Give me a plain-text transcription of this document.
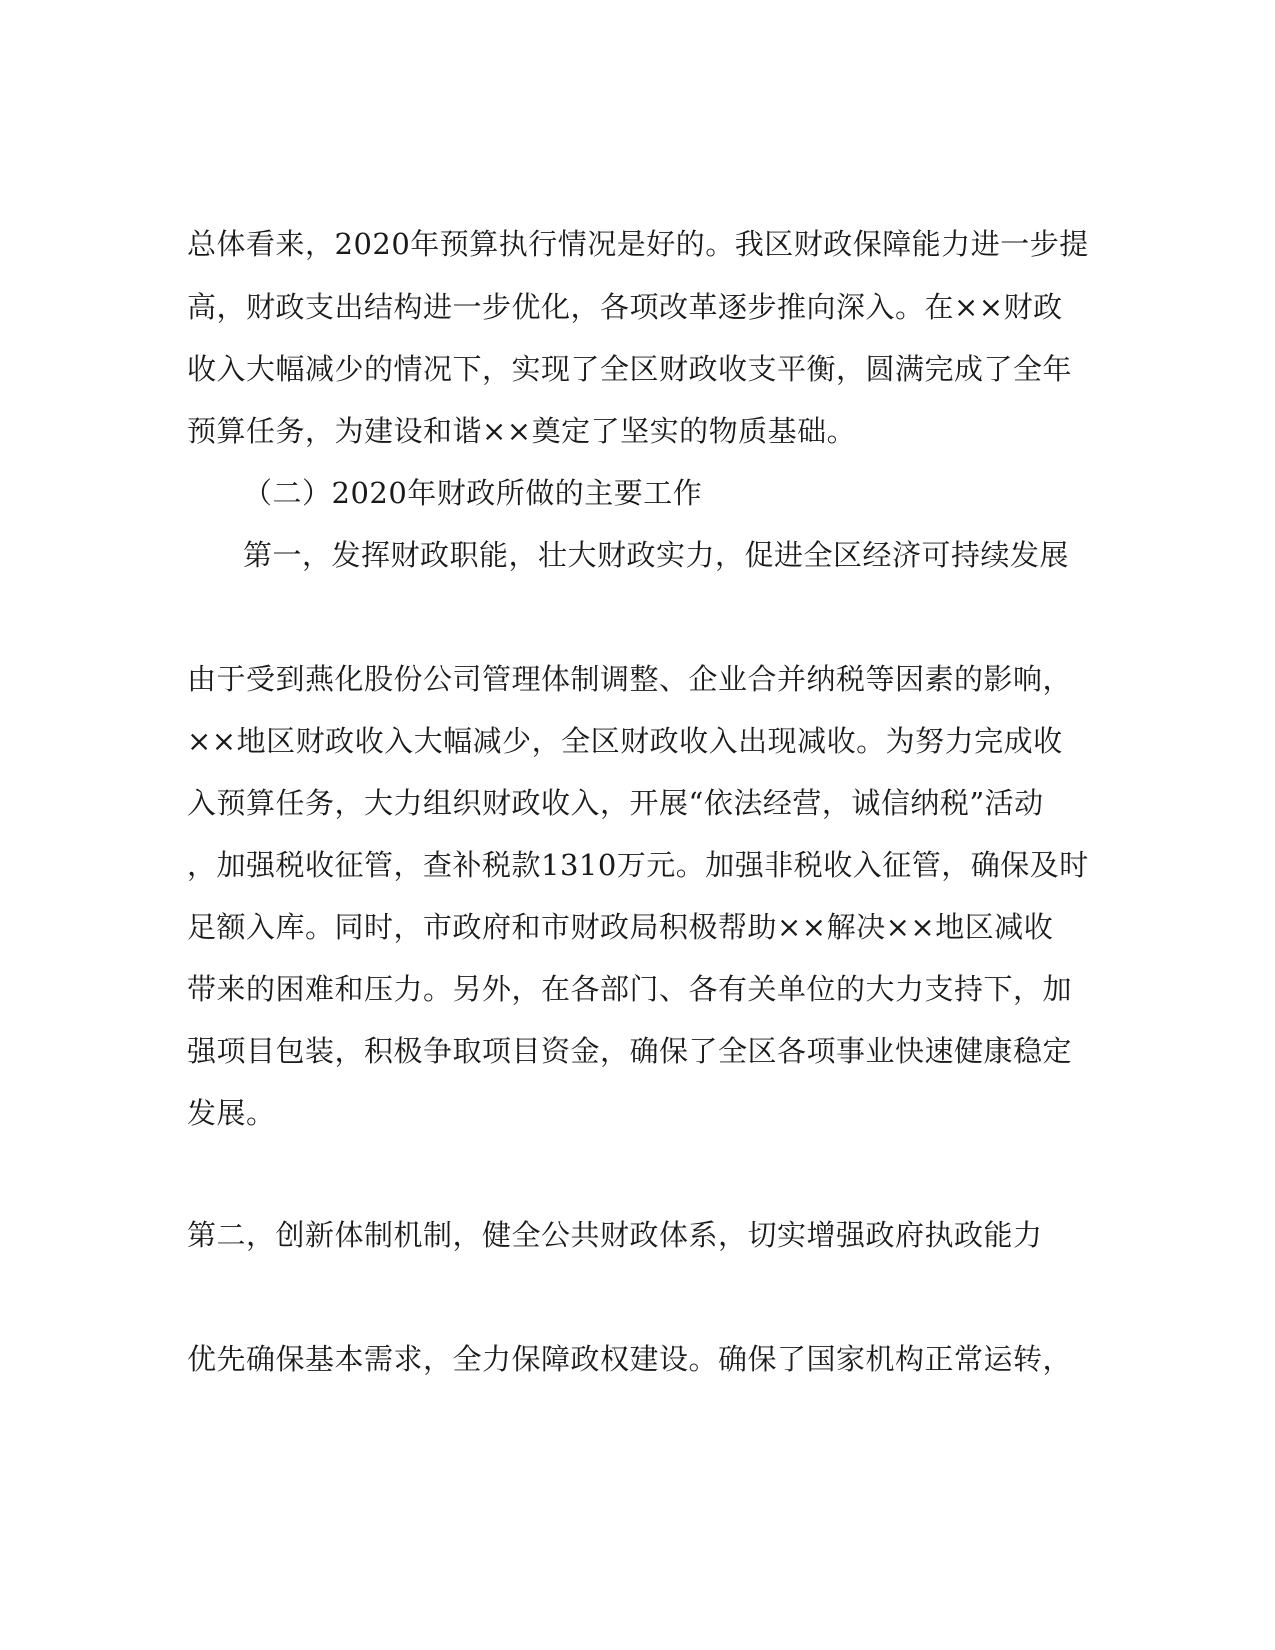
总体看来，2020年预算执行情况是好的。我区财政保障能力进一步提
高，财政支出结构进一步优化，各项改革逐步推向深入。在××财政
收入大幅减少的情况下，实现了全区财政收支平衡，圆满完成了全年
预算任务，为建设和谐××奠定了坚实的物质基础。
（二）2020年财政所做的主要工作
第一，发挥财政职能，壮大财政实力，促进全区经济可持续发展
由于受到燕化股份公司管理体制调整、企业合并纳税等因素的影响，
××地区财政收入大幅减少，全区财政收入出现减收。为努力完成收
入预算任务，大力组织财政收入，开展“依法经营，诚信纳税”活动
，加强税收征管，查补税款1310万元。加强非税收入征管，确保及时
足额入库。同时，市政府和市财政局积极帮助××解决××地区减收
带来的困难和压力。另外，在各部门、各有关单位的大力支持下，加
强项目包装，积极争取项目资金，确保了全区各项事业快速健康稳定
发展。
第二，创新体制机制，健全公共财政体系，切实增强政府执政能力
优先确保基本需求，全力保障政权建设。确保了国家机构正常运转，
